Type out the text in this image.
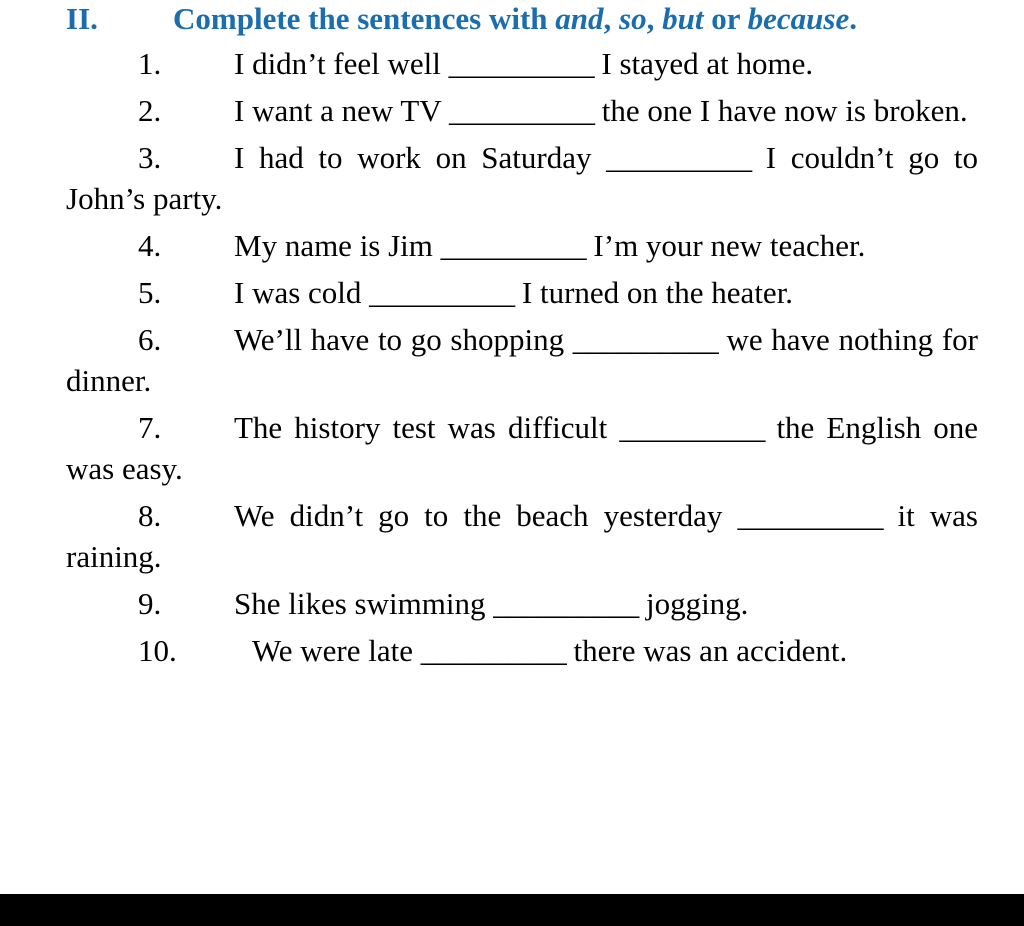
II. Complete the sentences with and, so, but or because.
1. I didn’t feel well __________ I stayed at home.
2. I want a new TV __________ the one I have now is broken.
3. I had to work on Saturday __________ I couldn’t go to John’s party.
4. My name is Jim __________ I’m your new teacher.
5. I was cold __________ I turned on the heater.
6. We’ll have to go shopping __________ we have nothing for dinner.
7. The history test was difficult __________ the English one was easy.
8. We didn’t go to the beach yesterday __________ it was raining.
9. She likes swimming __________ jogging.
10. We were late __________ there was an accident.
